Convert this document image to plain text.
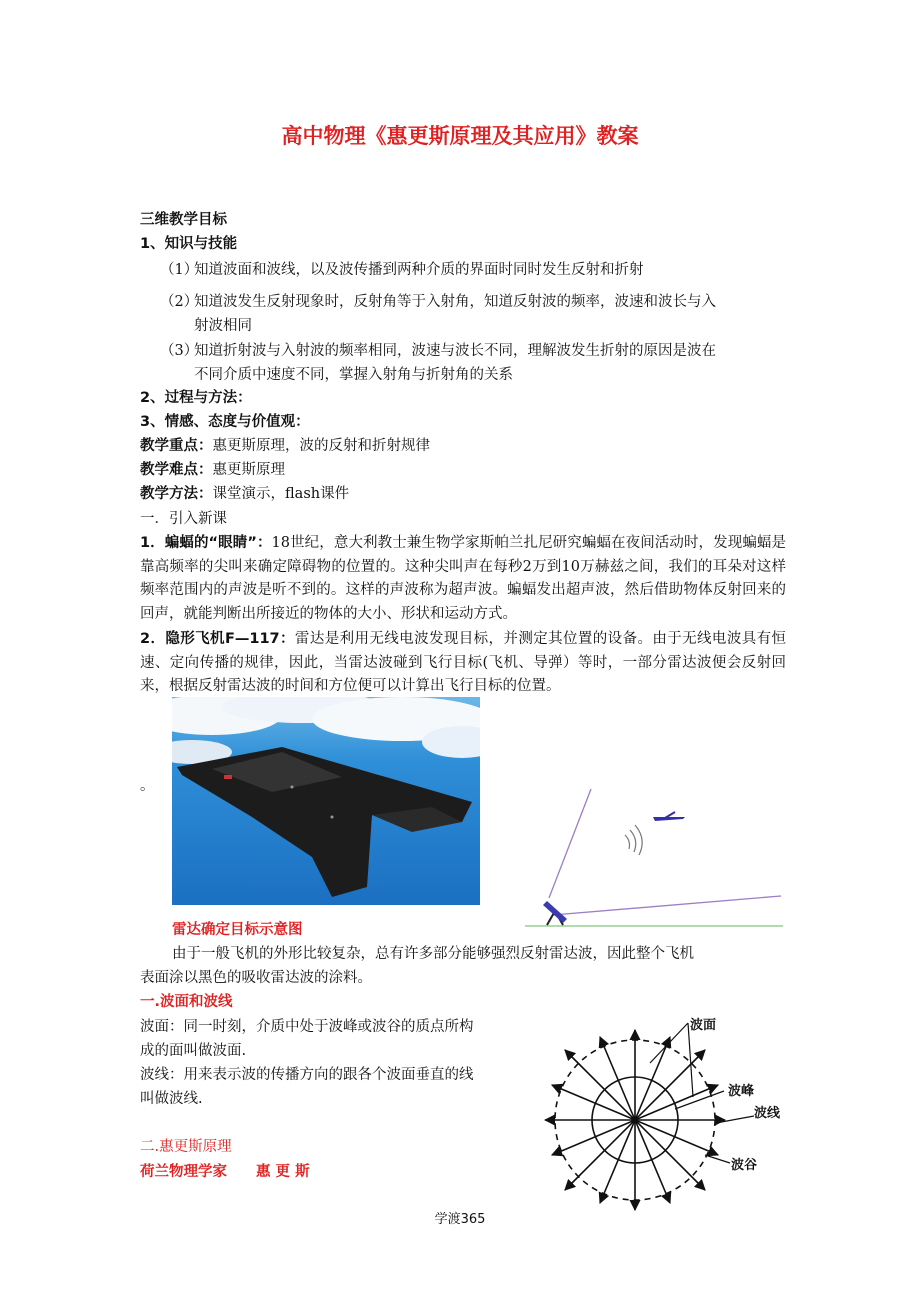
高中物理《惠更斯原理及其应用》教案
三维教学目标
1、知识与技能
（1）知道波面和波线，以及波传播到两种介质的界面时同时发生反射和折射
（2）知道波发生反射现象时，反射角等于入射角，知道反射波的频率，波速和波长与入
射波相同
（3）知道折射波与入射波的频率相同，波速与波长不同，理解波发生折射的原因是波在
不同介质中速度不同，掌握入射角与折射角的关系
2、过程与方法：
3、情感、态度与价值观：
教学重点：惠更斯原理，波的反射和折射规律
教学难点：惠更斯原理
教学方法：课堂演示，flash课件
一．引入新课

1．蝙蝠的“眼睛”：18世纪，意大利教士兼生物学家斯帕兰扎尼研究蝙蝠在夜间活动时，发现蝙蝠是靠高频率的尖叫来确定障碍物的位置的。这种尖叫声在每秒2万到10万赫兹之间，我们的耳朵对这样频率范围内的声波是听不到的。这样的声波称为超声波。蝙蝠发出超声波，然后借助物体反射回来的回声，就能判断出所接近的物体的大小、形状和运动方式。

2．隐形飞机F—117：雷达是利用无线电波发现目标，并测定其位置的设备。由于无线电波具有恒速、定向传播的规律，因此，当雷达波碰到飞行目标(飞机、导弹）等时，一部分雷达波便会反射回来，根据反射雷达波的时间和方位便可以计算出飞行目标的位置。

。
雷达确定目标示意图
由于一般飞机的外形比较复杂，总有许多部分能够强烈反射雷达波，因此整个飞机
表面涂以黑色的吸收雷达波的涂料。
一.波面和波线
波面：同一时刻，介质中处于波峰或波谷的质点所构
成的面叫做波面.
波线：用来表示波的传播方向的跟各个波面垂直的线
叫做波线.
二.惠更斯原理
荷兰物理学家　　惠 更 斯
波面
波峰
波线
波谷
学渡365
